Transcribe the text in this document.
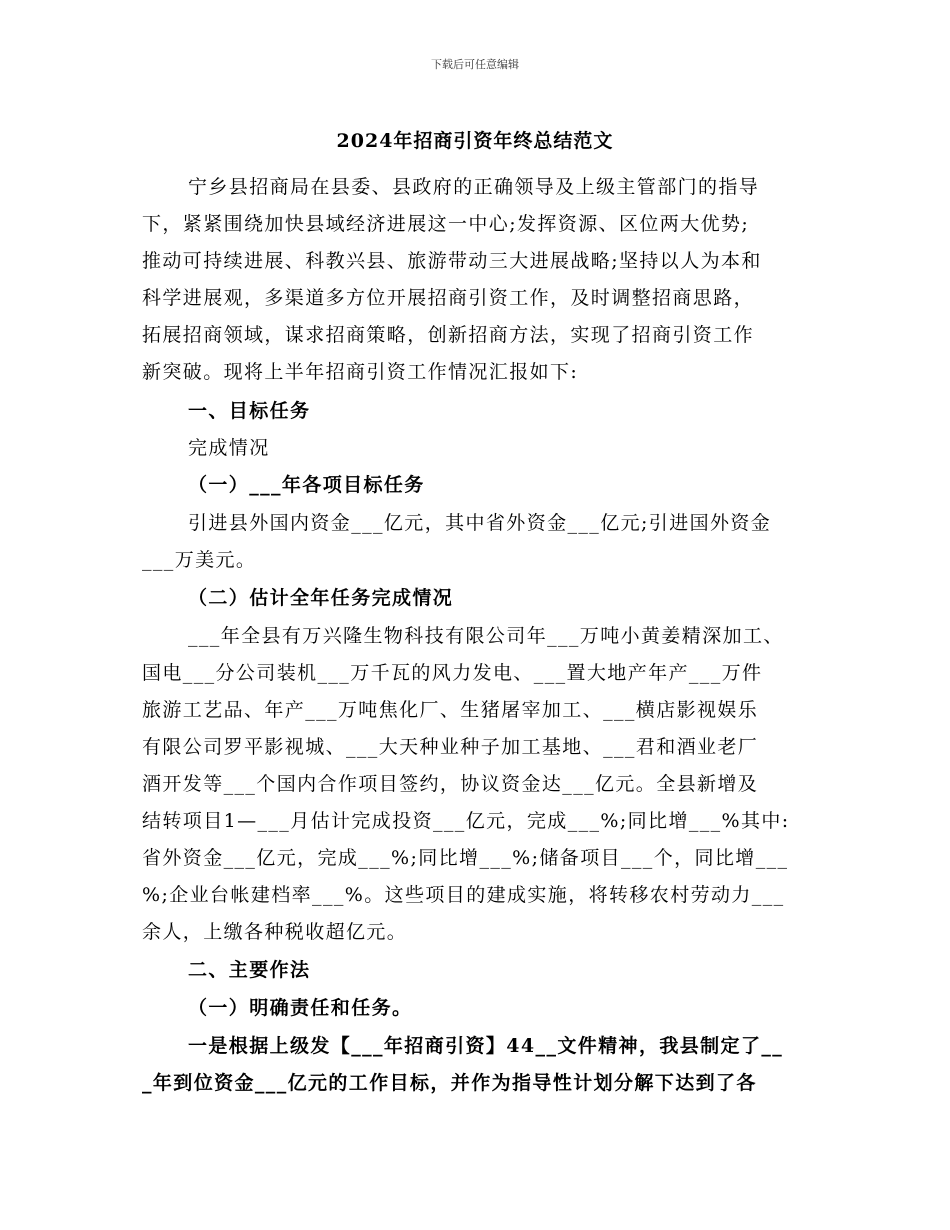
下载后可任意编辑
2024年招商引资年终总结范文
宁乡县招商局在县委、县政府的正确领导及上级主管部门的指导
下，紧紧围绕加快县域经济进展这一中心;发挥资源、区位两大优势;
推动可持续进展、科教兴县、旅游带动三大进展战略;坚持以人为本和
科学进展观，多渠道多方位开展招商引资工作，及时调整招商思路，
拓展招商领域，谋求招商策略，创新招商方法，实现了招商引资工作
新突破。现将上半年招商引资工作情况汇报如下:
一、目标任务
完成情况
（一）___年各项目标任务
引进县外国内资金___亿元，其中省外资金___亿元;引进国外资金
___万美元。
（二）估计全年任务完成情况
___年全县有万兴隆生物科技有限公司年___万吨小黄姜精深加工、
国电___分公司装机___万千瓦的风力发电、___置大地产年产___万件
旅游工艺品、年产___万吨焦化厂、生猪屠宰加工、___横店影视娱乐
有限公司罗平影视城、___大天种业种子加工基地、___君和酒业老厂
酒开发等___个国内合作项目签约，协议资金达___亿元。全县新增及
结转项目1—___月估计完成投资___亿元，完成___%;同比增___%其中:
省外资金___亿元，完成___%;同比增___%;储备项目___个，同比增___
%;企业台帐建档率___%。这些项目的建成实施，将转移农村劳动力___
余人，上缴各种税收超亿元。
二、主要作法
（一）明确责任和任务。
一是根据上级发【___年招商引资】44__文件精神，我县制定了__
_年到位资金___亿元的工作目标，并作为指导性计划分解下达到了各
